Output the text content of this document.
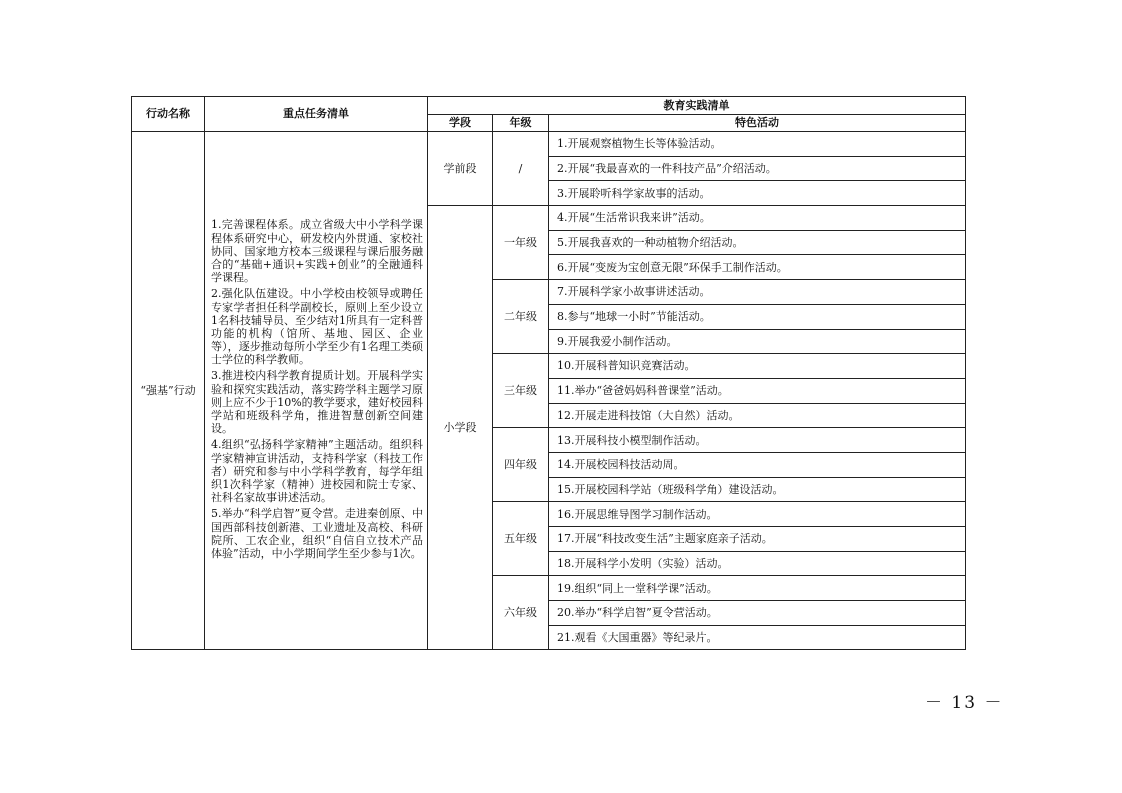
行动名称	重点任务清单	教育实践清单		
		学段	年级	特色活动
“强基”行动	1.完善课程体系。成立省级大中小学科学课程体系研究中心，研发校内外贯通、家校社协同、国家地方校本三级课程与课后服务融合的“基础+通识+实践+创业”的全融通科学课程。

2.强化队伍建设。中小学校由校领导或聘任专家学者担任科学副校长，原则上至少设立1名科技辅导员、至少结对1所具有一定科普功能的机构（馆所、基地、园区、企业等），逐步推动每所小学至少有1名理工类硕士学位的科学教师。

3.推进校内科学教育提质计划。开展科学实验和探究实践活动，落实跨学科主题学习原则上应不少于10%的教学要求，建好校园科学站和班级科学角，推进智慧创新空间建设。

4.组织“弘扬科学家精神”主题活动。组织科学家精神宣讲活动，支持科学家（科技工作者）研究和参与中小学科学教育，每学年组织1次科学家（精神）进校园和院士专家、社科名家故事讲述活动。

5.举办“科学启智”夏令营。走进秦创原、中国西部科技创新港、工业遗址及高校、科研院所、工农企业，组织“自信自立技术产品体验”活动，中小学期间学生至少参与1次。	学前段	/	1.开展观察植物生长等体验活动。
				2.开展“我最喜欢的一件科技产品”介绍活动。
				3.开展聆听科学家故事的活动。
		小学段	一年级	4.开展“生活常识我来讲”活动。
				5.开展我喜欢的一种动植物介绍活动。
				6.开展“变废为宝创意无限”环保手工制作活动。
			二年级	7.开展科学家小故事讲述活动。
				8.参与“地球一小时”节能活动。
				9.开展我爱小制作活动。
			三年级	10.开展科普知识竞赛活动。
				11.举办“爸爸妈妈科普课堂”活动。
				12.开展走进科技馆（大自然）活动。
			四年级	13.开展科技小模型制作活动。
				14.开展校园科技活动周。
				15.开展校园科学站（班级科学角）建设活动。
			五年级	16.开展思维导图学习制作活动。
				17.开展“科技改变生活”主题家庭亲子活动。
				18.开展科学小发明（实验）活动。
			六年级	19.组织“同上一堂科学课”活动。
				20.举办“科学启智”夏令营活动。
				21.观看《大国重器》等纪录片。
－ 13 －
